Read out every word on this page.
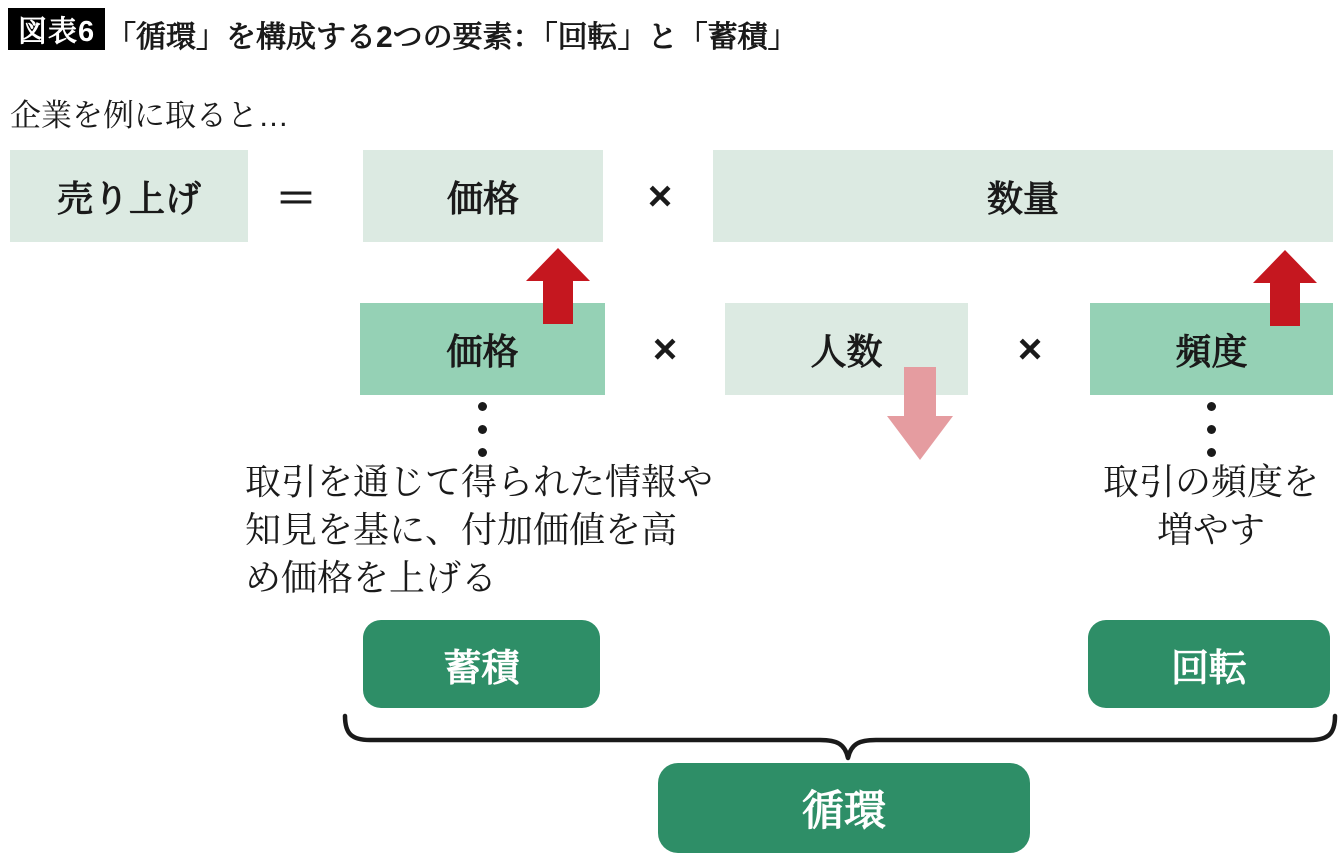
図表6 「循環」を構成する2つの要素：「回転」と「蓄積」
企業を例に取ると…
売り上げ	＝	価格	×	数量
価格	×	人数	×	頻度
取引を通じて得られた情報や
知見を基に、付加価値を高
め価格を上げる
取引の頻度を
増やす
蓄積	回転
循環
